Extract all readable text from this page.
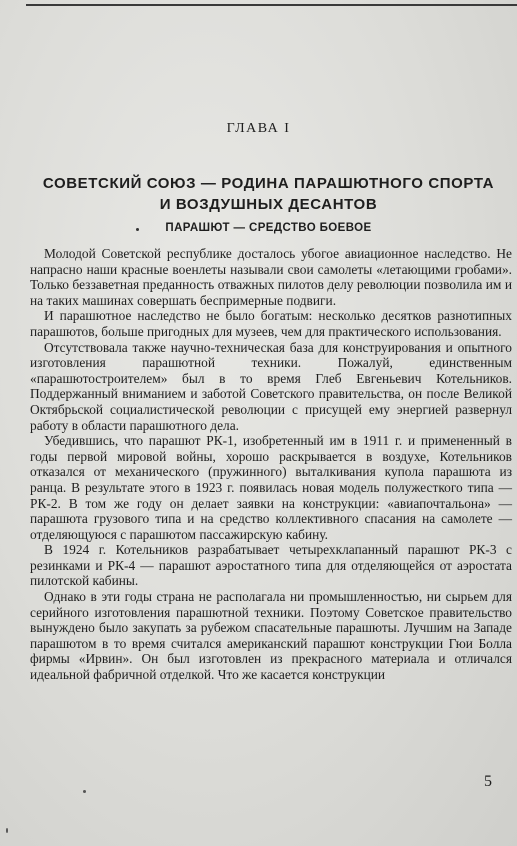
ГЛАВА I
СОВЕТСКИЙ СОЮЗ — РОДИНА ПАРАШЮТНОГО СПОРТА
И ВОЗДУШНЫХ ДЕСАНТОВ
ПАРАШЮТ — СРЕДСТВО БОЕВОЕ

Молодой Советской республике досталось убогое авиационное наследство. Не напрасно наши красные военлеты называли свои самолеты «летающими гробами». Только беззаветная преданность отважных пилотов делу революции позволила им и на таких машинах совершать беспримерные подвиги.

И парашютное наследство не было богатым: несколько десятков разнотипных парашютов, больше пригодных для музеев, чем для практического использования.

Отсутствовала также научно-техническая база для конструирования и опытного изготовления парашютной техники. Пожалуй, единственным «парашютостроителем» был в то время Глеб Евгеньевич Котельников. Поддержанный вниманием и заботой Советского правительства, он после Великой Октябрьской социалистической революции с присущей ему энергией развернул работу в области парашютного дела.

Убедившись, что парашют РК-1, изобретенный им в 1911 г. и примененный в годы первой мировой войны, хорошо раскрывается в воздухе, Котельников отказался от механического (пружинного) выталкивания купола парашюта из ранца. В результате этого в 1923 г. появилась новая модель полужесткого типа — РК-2. В том же году он делает заявки на конструкции: «авиапочтальона» — парашюта грузового типа и на средство коллективного спасания на самолете — отделяющуюся с парашютом пассажирскую кабину.

В 1924 г. Котельников разрабатывает четырехклапанный парашют РК-3 с резинками и РК-4 — парашют аэростатного типа для отделяющейся от аэростата пилотской кабины.

Однако в эти годы страна не располагала ни промышленностью, ни сырьем для серийного изготовления парашютной техники. Поэтому Советское правительство вынуждено было закупать за рубежом спасательные парашюты. Лучшим на Западе парашютом в то время считался американский парашют конструкции Гюи Болла фирмы «Ирвин». Он был изготовлен из прекрасного материала и отличался идеальной фабричной отделкой. Что же касается конструкции

5
